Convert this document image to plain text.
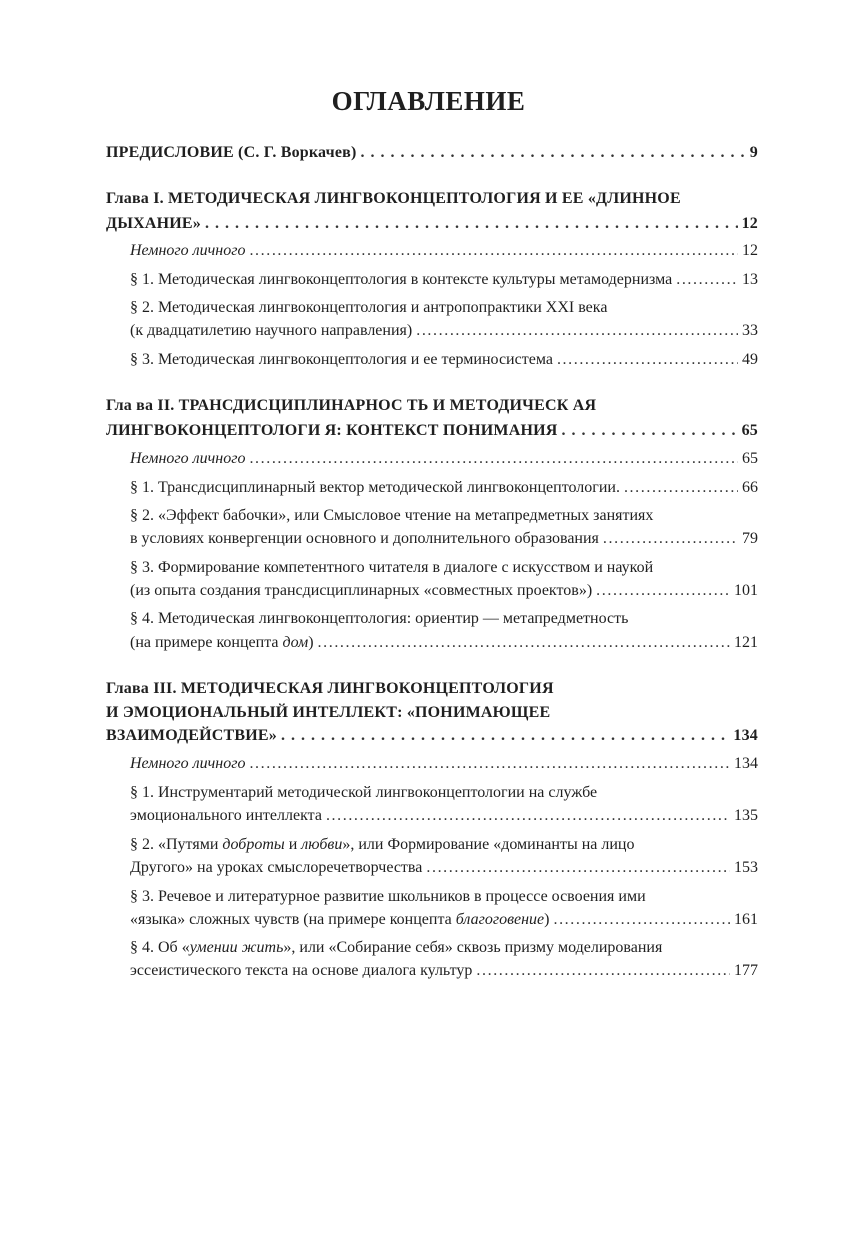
ОГЛАВЛЕНИЕ
ПРЕДИСЛОВИЕ (С. Г. Воркачев) . . .	9
Глава I. МЕТОДИЧЕСКАЯ ЛИНГВОКОНЦЕПТОЛОГИЯ И ЕЕ «ДЛИННОЕ
ДЫХАНИЕ» . . .	12
Немного личного .....	12
§ 1. Методическая лингвоконцептология в контексте культуры метамодернизма .....	13
§ 2. Методическая лингвоконцептология и антропопрактики XXI века
(к двадцатилетию научного направления) .....	33
§ 3. Методическая лингвоконцептология и ее терминосистема .....	49
Гла ва II. ТРАНСДИСЦИПЛИНАРНОС ТЬ И МЕТОДИЧЕСК АЯ
ЛИНГВОКОНЦЕПТОЛОГИ Я: КОНТЕКСТ ПОНИМАНИЯ . . .	65
Немного личного .....	65
§ 1. Трансдисциплинарный вектор методической лингвоконцептологии. .....	66
§ 2. «Эффект бабочки», или Смысловое чтение на метапредметных занятиях
в условиях конвергенции основного и дополнительного образования .....	79
§ 3. Формирование компетентного читателя в диалоге с искусством и наукой
(из опыта создания трансдисциплинарных «совместных проектов») .....	101
§ 4. Методическая лингвоконцептология: ориентир — метапредметность
(на примере концепта дом) .....	121
Глава III. МЕТОДИЧЕСКАЯ ЛИНГВОКОНЦЕПТОЛОГИЯ
И ЭМОЦИОНАЛЬНЫЙ ИНТЕЛЛЕКТ: «ПОНИМАЮЩЕЕ
ВЗАИМОДЕЙСТВИЕ» . . .	134
Немного личного .....	134
§ 1. Инструментарий методической лингвоконцептологии на службе
эмоционального интеллекта .....	135
§ 2. «Путями доброты и любви», или Формирование «доминанты на лицо
Другого» на уроках смыслоречетворчества .....	153
§ 3. Речевое и литературное развитие школьников в процессе освоения ими
«языка» сложных чувств (на примере концепта благоговение) .....	161
§ 4. Об «умении жить», или «Собирание себя» сквозь призму моделирования
эссеистического текста на основе диалога культур .....	177
